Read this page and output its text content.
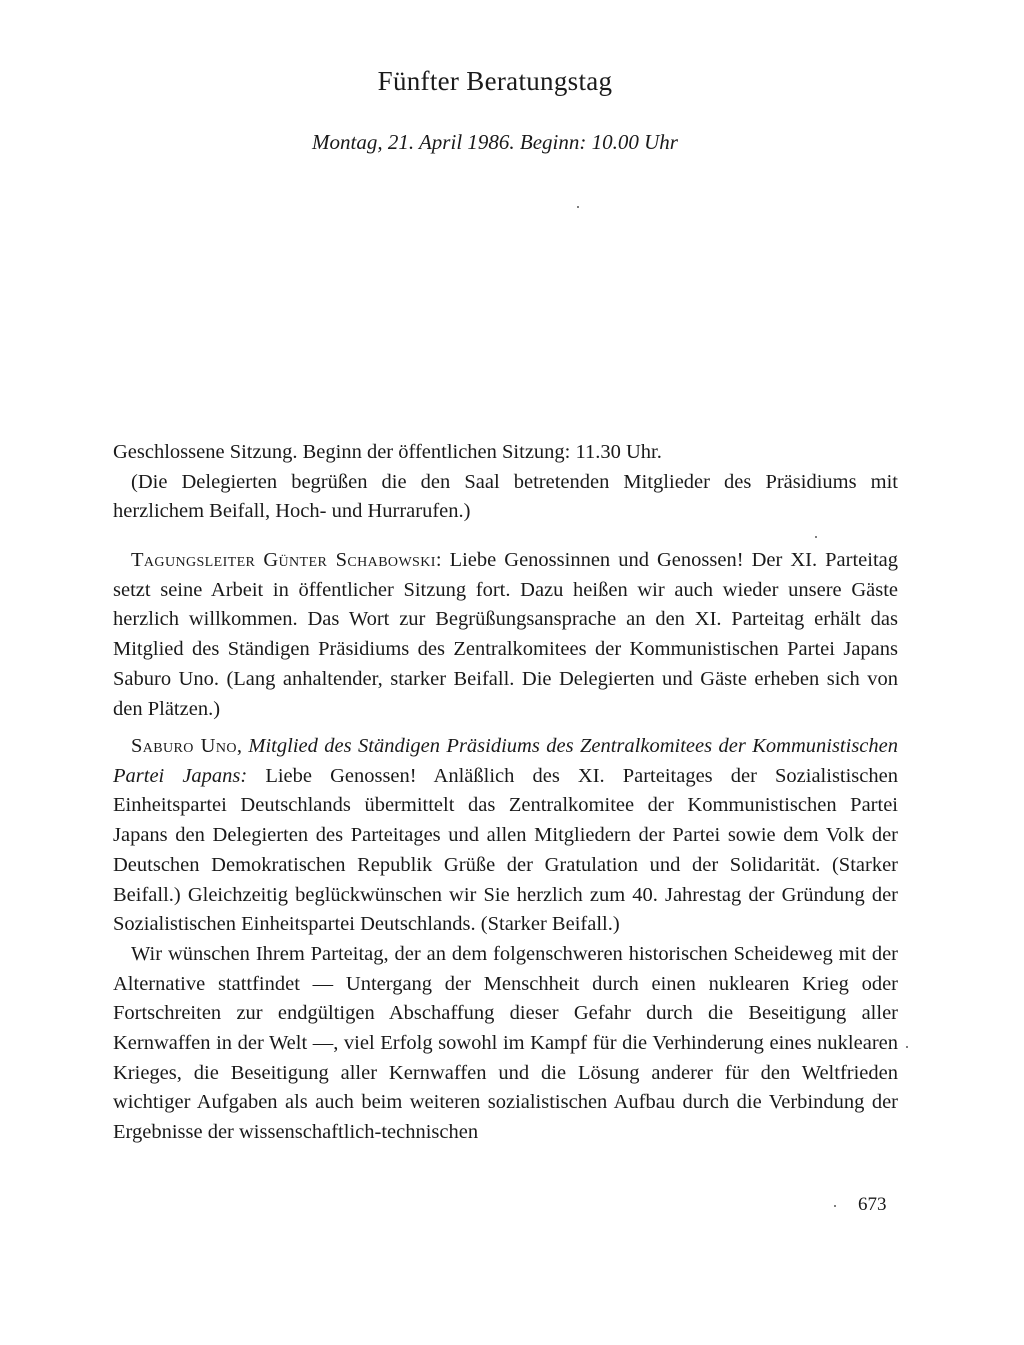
Fünfter Beratungstag
Montag, 21. April 1986. Beginn: 10.00 Uhr

Geschlossene Sitzung. Beginn der öffentlichen Sitzung: 11.30 Uhr.

(Die Delegierten begrüßen die den Saal betretenden Mitglieder des Präsidiums mit herzlichem Beifall, Hoch- und Hurrarufen.)

Tagungsleiter Günter Schabowski: Liebe Genossinnen und Genossen! Der XI. Parteitag setzt seine Arbeit in öffentlicher Sitzung fort. Dazu heißen wir auch wieder unsere Gäste herzlich willkommen. Das Wort zur Begrüßungsansprache an den XI. Parteitag erhält das Mitglied des Ständigen Präsidiums des Zentralkomitees der Kommunistischen Partei Japans Saburo Uno. (Lang anhaltender, starker Beifall. Die Delegierten und Gäste erheben sich von den Plätzen.)

Saburo Uno, Mitglied des Ständigen Präsidiums des Zentralkomitees der Kommunistischen Partei Japans: Liebe Genossen! Anläßlich des XI. Parteitages der Sozialistischen Einheitspartei Deutschlands übermittelt das Zentralkomitee der Kommunistischen Partei Japans den Delegierten des Parteitages und allen Mitgliedern der Partei sowie dem Volk der Deutschen Demokratischen Republik Grüße der Gratulation und der Solidarität. (Starker Beifall.) Gleichzeitig beglückwünschen wir Sie herzlich zum 40. Jahrestag der Gründung der Sozialistischen Einheitspartei Deutschlands. (Starker Beifall.)

Wir wünschen Ihrem Parteitag, der an dem folgenschweren historischen Scheideweg mit der Alternative stattfindet — Untergang der Menschheit durch einen nuklearen Krieg oder Fortschreiten zur endgültigen Abschaffung dieser Gefahr durch die Beseitigung aller Kernwaffen in der Welt —, viel Erfolg sowohl im Kampf für die Verhinderung eines nuklearen Krieges, die Beseitigung aller Kernwaffen und die Lösung anderer für den Weltfrieden wichtiger Aufgaben als auch beim weiteren sozialistischen Aufbau durch die Verbindung der Ergebnisse der wissenschaftlich-technischen

673
